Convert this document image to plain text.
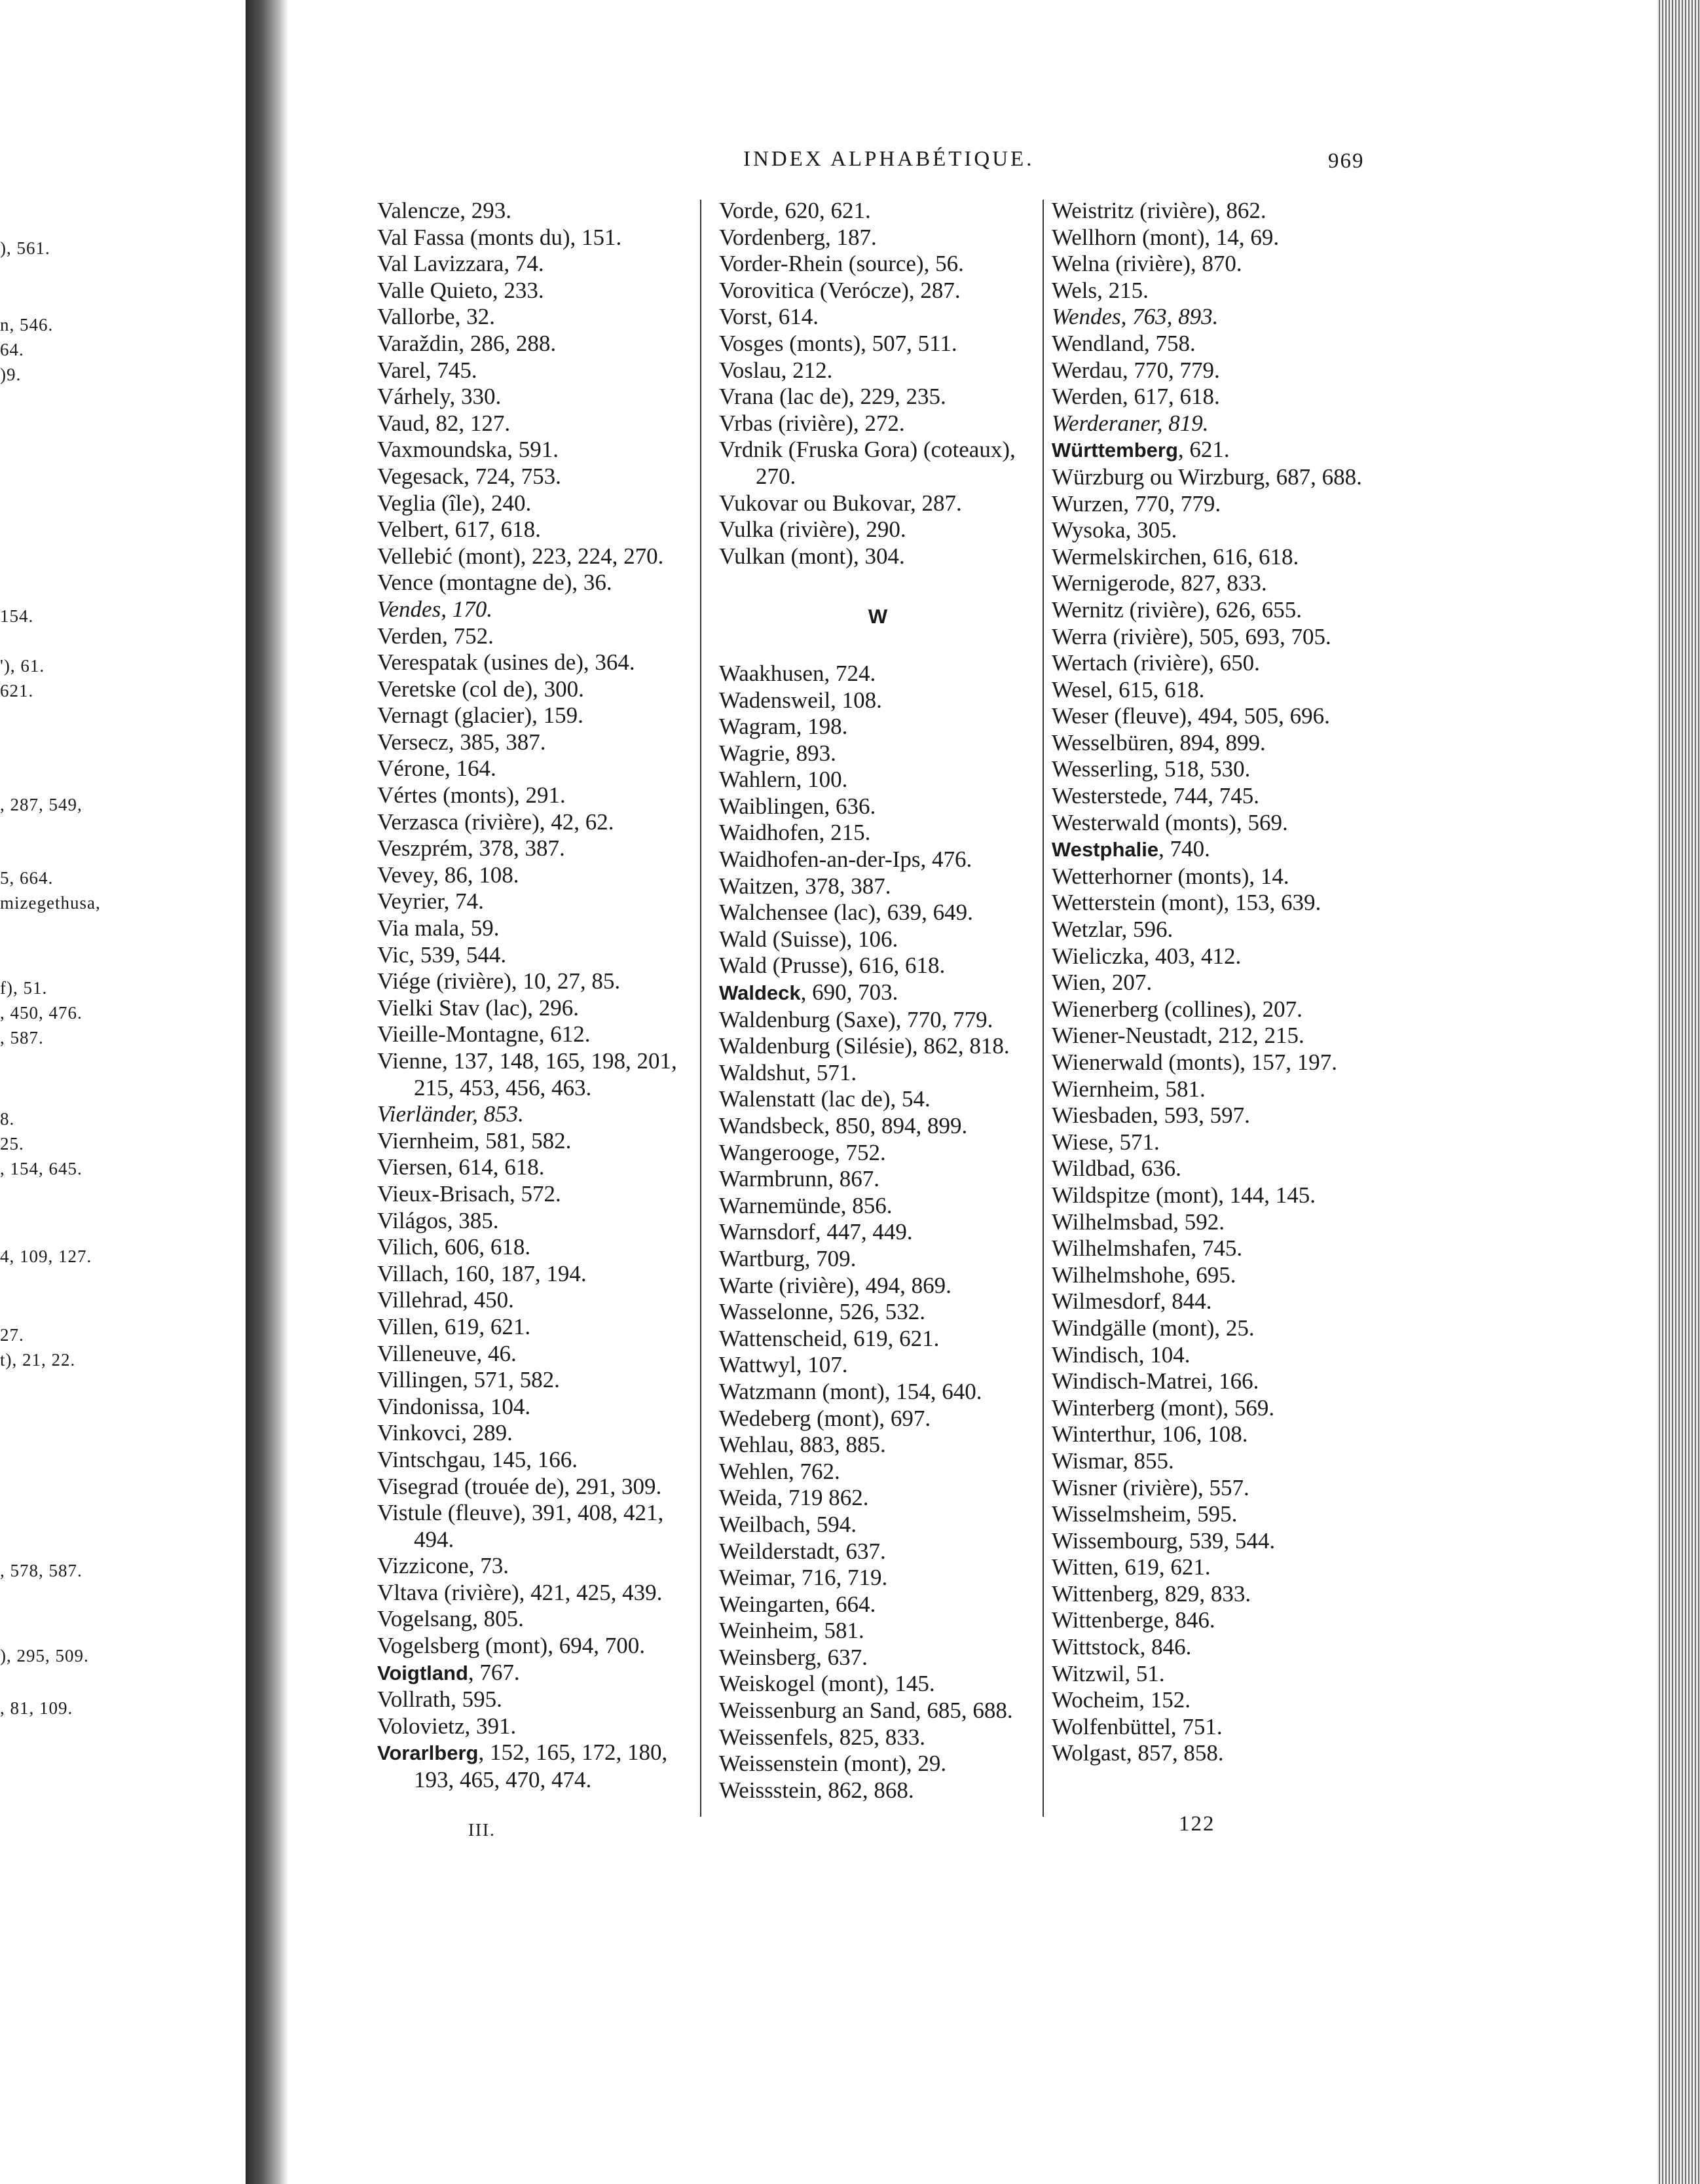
), 561.
n, 546.
64.
)9.
154.
'), 61.
621.
, 287, 549,
5, 664.
mizegethusa,
f), 51.
, 450, 476.
, 587.
8.
25.
, 154, 645.
4, 109, 127.
27.
t), 21, 22.
, 578, 587.
), 295, 509.
, 81, 109.
INDEX ALPHABÉTIQUE.	969
Valencze, 293.
Val Fassa (monts du), 151.
Val Lavizzara, 74.
Valle Quieto, 233.
Vallorbe, 32.
Varaždin, 286, 288.
Varel, 745.
Várhely, 330.
Vaud, 82, 127.
Vaxmoundska, 591.
Vegesack, 724, 753.
Veglia (île), 240.
Velbert, 617, 618.
Vellebić (mont), 223, 224, 270.
Vence (montagne de), 36.
Vendes, 170.
Verden, 752.
Verespatak (usines de), 364.
Veretske (col de), 300.
Vernagt (glacier), 159.
Versecz, 385, 387.
Vérone, 164.
Vértes (monts), 291.
Verzasca (rivière), 42, 62.
Veszprém, 378, 387.
Vevey, 86, 108.
Veyrier, 74.
Via mala, 59.
Vic, 539, 544.
Viége (rivière), 10, 27, 85.
Vielki Stav (lac), 296.
Vieille-Montagne, 612.
Vienne, 137, 148, 165, 198, 201, 215, 453, 456, 463.
Vierländer, 853.
Viernheim, 581, 582.
Viersen, 614, 618.
Vieux-Brisach, 572.
Világos, 385.
Vilich, 606, 618.
Villach, 160, 187, 194.
Villehrad, 450.
Villen, 619, 621.
Villeneuve, 46.
Villingen, 571, 582.
Vindonissa, 104.
Vinkovci, 289.
Vintschgau, 145, 166.
Visegrad (trouée de), 291, 309.
Vistule (fleuve), 391, 408, 421, 494.
Vizzicone, 73.
Vltava (rivière), 421, 425, 439.
Vogelsang, 805.
Vogelsberg (mont), 694, 700.
Voigtland, 767.
Vollrath, 595.
Volovietz, 391.
Vorarlberg, 152, 165, 172, 180, 193, 465, 470, 474.
Vorde, 620, 621.
Vordenberg, 187.
Vorder-Rhein (source), 56.
Vorovitica (Verócze), 287.
Vorst, 614.
Vosges (monts), 507, 511.
Voslau, 212.
Vrana (lac de), 229, 235.
Vrbas (rivière), 272.
Vrdnik (Fruska Gora) (coteaux), 270.
Vukovar ou Bukovar, 287.
Vulka (rivière), 290.
Vulkan (mont), 304.
W
Waakhusen, 724.
Wadensweil, 108.
Wagram, 198.
Wagrie, 893.
Wahlern, 100.
Waiblingen, 636.
Waidhofen, 215.
Waidhofen-an-der-Ips, 476.
Waitzen, 378, 387.
Walchensee (lac), 639, 649.
Wald (Suisse), 106.
Wald (Prusse), 616, 618.
Waldeck, 690, 703.
Waldenburg (Saxe), 770, 779.
Waldenburg (Silésie), 862, 818.
Waldshut, 571.
Walenstatt (lac de), 54.
Wandsbeck, 850, 894, 899.
Wangerooge, 752.
Warmbrunn, 867.
Warnemünde, 856.
Warnsdorf, 447, 449.
Wartburg, 709.
Warte (rivière), 494, 869.
Wasselonne, 526, 532.
Wattenscheid, 619, 621.
Wattwyl, 107.
Watzmann (mont), 154, 640.
Wedeberg (mont), 697.
Wehlau, 883, 885.
Wehlen, 762.
Weida, 719 862.
Weilbach, 594.
Weilderstadt, 637.
Weimar, 716, 719.
Weingarten, 664.
Weinheim, 581.
Weinsberg, 637.
Weiskogel (mont), 145.
Weissenburg an Sand, 685, 688.
Weissenfels, 825, 833.
Weissenstein (mont), 29.
Weissstein, 862, 868.
Weistritz (rivière), 862.
Wellhorn (mont), 14, 69.
Welna (rivière), 870.
Wels, 215.
Wendes, 763, 893.
Wendland, 758.
Werdau, 770, 779.
Werden, 617, 618.
Werderaner, 819.
Württemberg, 621.
Würzburg ou Wirzburg, 687, 688.
Wurzen, 770, 779.
Wysoka, 305.
Wermelskirchen, 616, 618.
Wernigerode, 827, 833.
Wernitz (rivière), 626, 655.
Werra (rivière), 505, 693, 705.
Wertach (rivière), 650.
Wesel, 615, 618.
Weser (fleuve), 494, 505, 696.
Wesselbüren, 894, 899.
Wesserling, 518, 530.
Westerstede, 744, 745.
Westerwald (monts), 569.
Westphalie, 740.
Wetterhorner (monts), 14.
Wetterstein (mont), 153, 639.
Wetzlar, 596.
Wieliczka, 403, 412.
Wien, 207.
Wienerberg (collines), 207.
Wiener-Neustadt, 212, 215.
Wienerwald (monts), 157, 197.
Wiernheim, 581.
Wiesbaden, 593, 597.
Wiese, 571.
Wildbad, 636.
Wildspitze (mont), 144, 145.
Wilhelmsbad, 592.
Wilhelmshafen, 745.
Wilhelmshohe, 695.
Wilmesdorf, 844.
Windgälle (mont), 25.
Windisch, 104.
Windisch-Matrei, 166.
Winterberg (mont), 569.
Winterthur, 106, 108.
Wismar, 855.
Wisner (rivière), 557.
Wisselmsheim, 595.
Wissembourg, 539, 544.
Witten, 619, 621.
Wittenberg, 829, 833.
Wittenberge, 846.
Wittstock, 846.
Witzwil, 51.
Wocheim, 152.
Wolfenbüttel, 751.
Wolgast, 857, 858.
III.	122
